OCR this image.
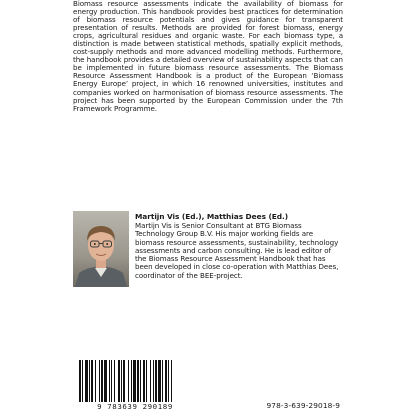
Biomass resource assessments indicate the availability of biomass for energy production. This handbook provides best practices for determination of biomass resource potentials and gives guidance for transparent presentation of results. Methods are provided for forest biomass, energy crops, agricultural residues and organic waste. For each biomass type, a distinction is made between statistical methods, spatially explicit methods, cost-supply methods and more advanced modelling methods. Furthermore, the handbook provides a detailed overview of sustainability aspects that can be implemented in future biomass resource assessments. The Biomass Resource Assessment Handbook is a product of the European ‘Biomass Energy Europe’ project, in which 16 renowned universities, institutes and companies worked on harmonisation of biomass resource assessments. The project has been supported by the European Commission under the 7th Framework Programme.

Martijn Vis (Ed.), Matthias Dees (Ed.)

Martijn Vis is Senior Consultant at BTG Biomass Technology Group B.V. His major working fields are biomass resource assessments, sustainability, technology assessments and carbon consulting. He is lead editor of the Biomass Resource Assessment Handbook that has been developed in close co-operation with Matthias Dees, coordinator of the BEE-project.

9 783639 290189	978-3-639-29018-9
